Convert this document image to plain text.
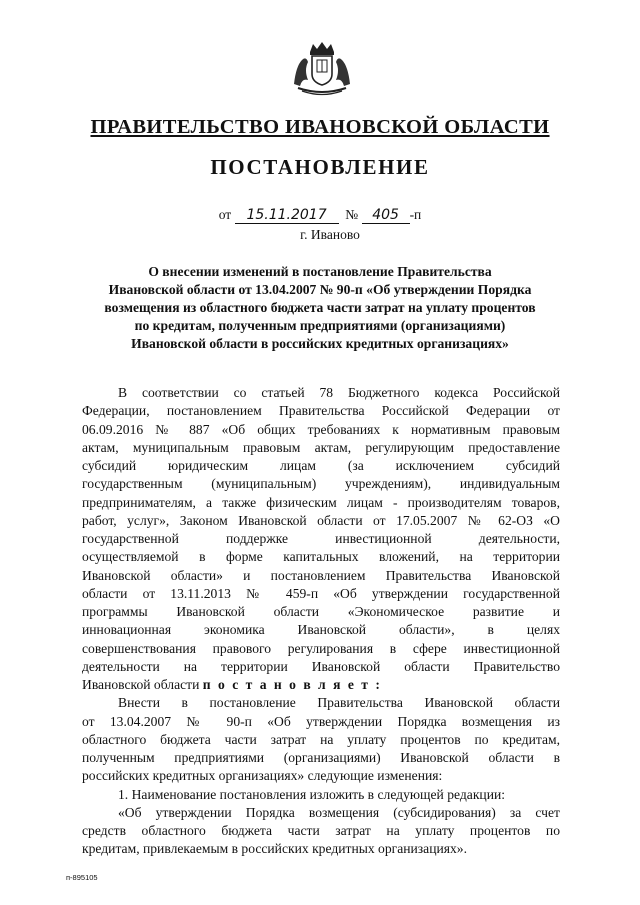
ПРАВИТЕЛЬСТВО ИВАНОВСКОЙ ОБЛАСТИ
ПОСТАНОВЛЕНИЕ
от 15.11.2017 № 405 -п
г. Иваново
О внесении изменений в постановление Правительства
Ивановской области от 13.04.2007 № 90-п «Об утверждении Порядка
возмещения из областного бюджета части затрат на уплату процентов
по кредитам, полученным предприятиями (организациями)
Ивановской области в российских кредитных организациях»
В соответствии со статьей 78 Бюджетного кодекса Российской
Федерации, постановлением Правительства Российской Федерации от
06.09.2016 № 887 «Об общих требованиях к нормативным правовым
актам, муниципальным правовым актам, регулирующим предоставление
субсидий юридическим лицам (за исключением субсидий
государственным (муниципальным) учреждениям), индивидуальным
предпринимателям, а также физическим лицам - производителям товаров,
работ, услуг», Законом Ивановской области от 17.05.2007 № 62-ОЗ «О
государственной поддержке инвестиционной деятельности,
осуществляемой в форме капитальных вложений, на территории
Ивановской области» и постановлением Правительства Ивановской
области от 13.11.2013 № 459-п «Об утверждении государственной
программы Ивановской области «Экономическое развитие и
инновационная экономика Ивановской области», в целях
совершенствования правового регулирования в сфере инвестиционной
деятельности на территории Ивановской области Правительство
Ивановской области п о с т а н о в л я е т :
Внести в постановление Правительства Ивановской области
от 13.04.2007 № 90-п «Об утверждении Порядка возмещения из
областного бюджета части затрат на уплату процентов по кредитам,
полученным предприятиями (организациями) Ивановской области в
российских кредитных организациях» следующие изменения:
1. Наименование постановления изложить в следующей редакции:
«Об утверждении Порядка возмещения (субсидирования) за счет
средств областного бюджета части затрат на уплату процентов по
кредитам, привлекаемым в российских кредитных организациях».
п-895105
